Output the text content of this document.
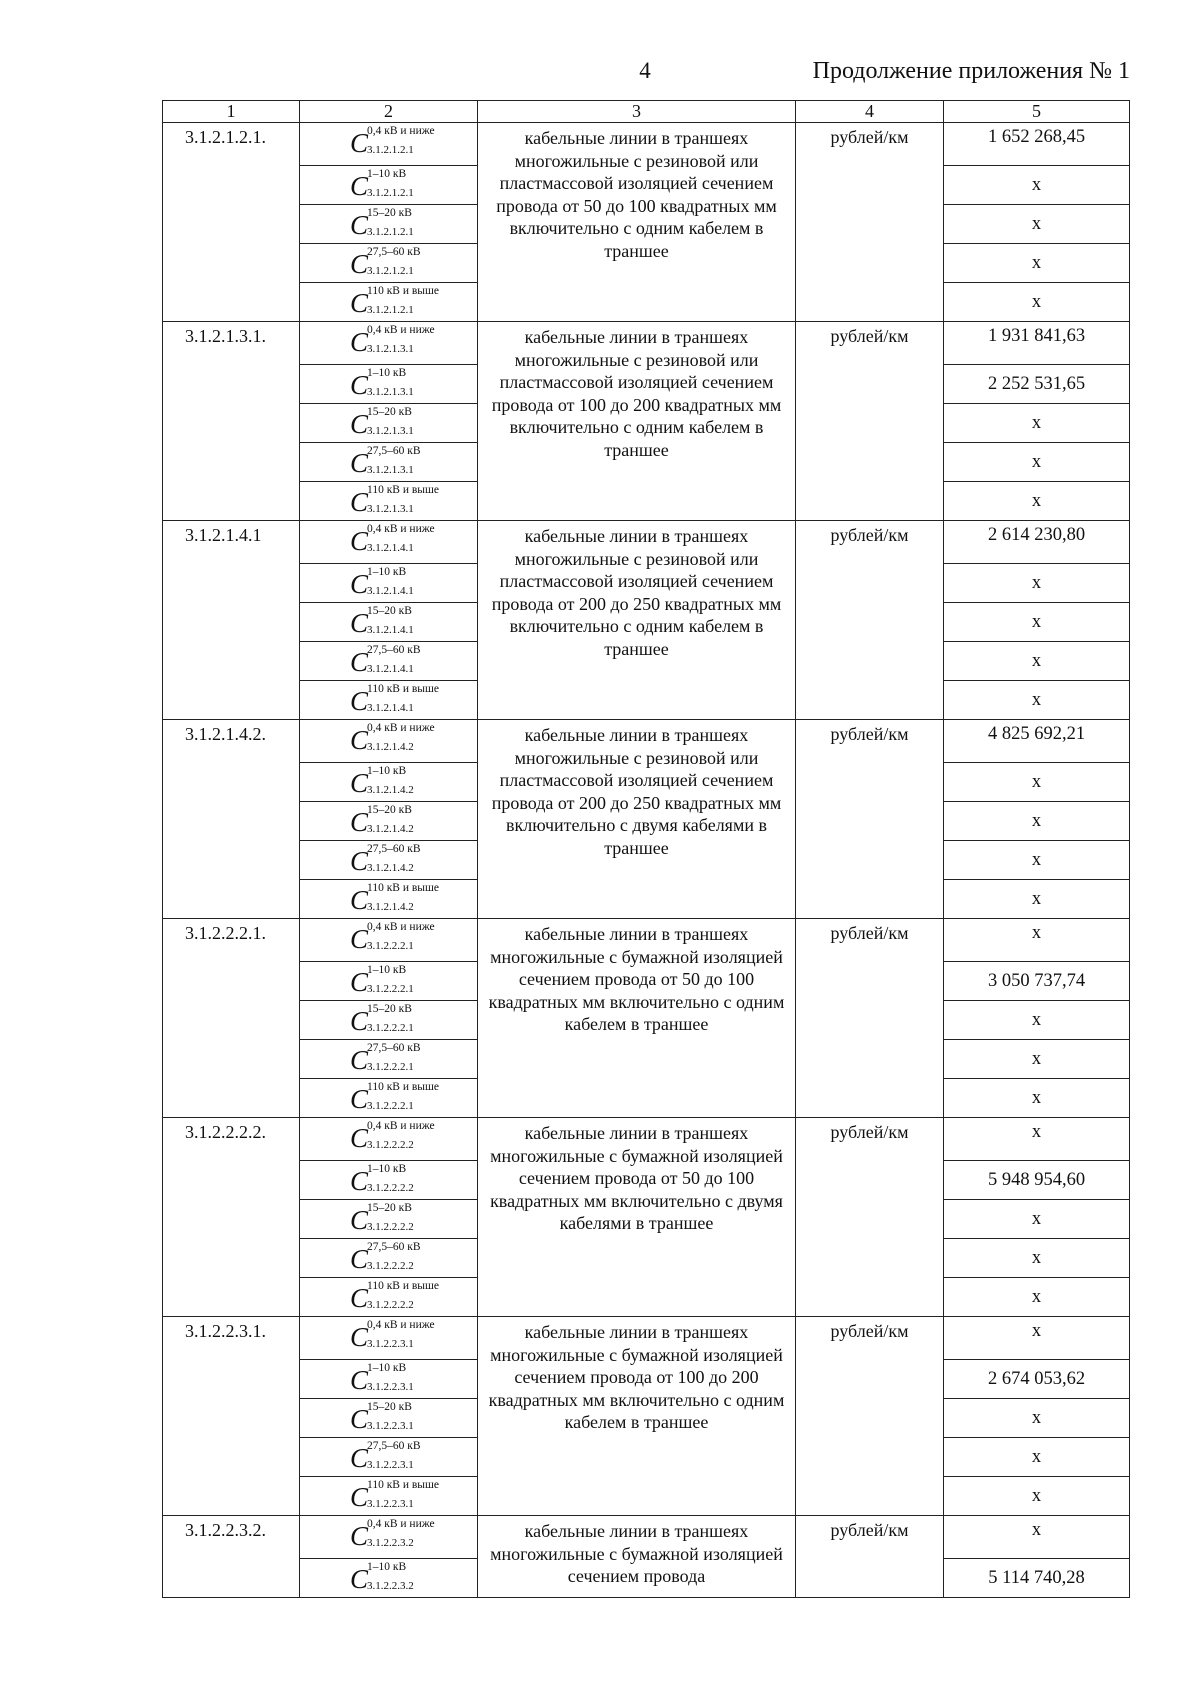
4	Продолжение приложения № 1
1	2	3	4	5
3.1.2.1.2.1.	C
0,4 кВ и ниже
3.1.2.1.2.1	кабельные линии в траншеях многожильные с резиновой или пластмассовой изоляцией сечением провода от 50 до 100 квадратных мм включительно с одним кабелем в траншее	рублей/км	1 652 268,45

	C
1–10 кВ
3.1.2.1.2.1			x

	C
15–20 кВ
3.1.2.1.2.1			x

	C
27,5–60 кВ
3.1.2.1.2.1			x

	C
110 кВ и выше
3.1.2.1.2.1			x
3.1.2.1.3.1.	C
0,4 кВ и ниже
3.1.2.1.3.1	кабельные линии в траншеях многожильные с резиновой или пластмассовой изоляцией сечением провода от 100 до 200 квадратных мм включительно с одним кабелем в траншее	рублей/км	1 931 841,63

	C
1–10 кВ
3.1.2.1.3.1			2 252 531,65

	C
15–20 кВ
3.1.2.1.3.1			x

	C
27,5–60 кВ
3.1.2.1.3.1			x

	C
110 кВ и выше
3.1.2.1.3.1			x
3.1.2.1.4.1	C
0,4 кВ и ниже
3.1.2.1.4.1	кабельные линии в траншеях многожильные с резиновой или пластмассовой изоляцией сечением провода от 200 до 250 квадратных мм включительно с одним кабелем в траншее	рублей/км	2 614 230,80

	C
1–10 кВ
3.1.2.1.4.1			x

	C
15–20 кВ
3.1.2.1.4.1			x

	C
27,5–60 кВ
3.1.2.1.4.1			x

	C
110 кВ и выше
3.1.2.1.4.1			x
3.1.2.1.4.2.	C
0,4 кВ и ниже
3.1.2.1.4.2	кабельные линии в траншеях многожильные с резиновой или пластмассовой изоляцией сечением провода от 200 до 250 квадратных мм включительно с двумя кабелями в траншее	рублей/км	4 825 692,21

	C
1–10 кВ
3.1.2.1.4.2			x

	C
15–20 кВ
3.1.2.1.4.2			x

	C
27,5–60 кВ
3.1.2.1.4.2			x

	C
110 кВ и выше
3.1.2.1.4.2			x
3.1.2.2.2.1.	C
0,4 кВ и ниже
3.1.2.2.2.1	кабельные линии в траншеях многожильные с бумажной изоляцией сечением провода от 50 до 100 квадратных мм включительно с одним кабелем в траншее	рублей/км	x

	C
1–10 кВ
3.1.2.2.2.1			3 050 737,74

	C
15–20 кВ
3.1.2.2.2.1			x

	C
27,5–60 кВ
3.1.2.2.2.1			x

	C
110 кВ и выше
3.1.2.2.2.1			x
3.1.2.2.2.2.	C
0,4 кВ и ниже
3.1.2.2.2.2	кабельные линии в траншеях многожильные с бумажной изоляцией сечением провода от 50 до 100 квадратных мм включительно с двумя кабелями в траншее	рублей/км	x

	C
1–10 кВ
3.1.2.2.2.2			5 948 954,60

	C
15–20 кВ
3.1.2.2.2.2			x

	C
27,5–60 кВ
3.1.2.2.2.2			x

	C
110 кВ и выше
3.1.2.2.2.2			x
3.1.2.2.3.1.	C
0,4 кВ и ниже
3.1.2.2.3.1	кабельные линии в траншеях многожильные с бумажной изоляцией сечением провода от 100 до 200 квадратных мм включительно с одним кабелем в траншее	рублей/км	x

	C
1–10 кВ
3.1.2.2.3.1			2 674 053,62

	C
15–20 кВ
3.1.2.2.3.1			x

	C
27,5–60 кВ
3.1.2.2.3.1			x

	C
110 кВ и выше
3.1.2.2.3.1			x
3.1.2.2.3.2.	C
0,4 кВ и ниже
3.1.2.2.3.2	кабельные линии в траншеях многожильные с бумажной изоляцией сечением провода	рублей/км	x

	C
1–10 кВ
3.1.2.2.3.2			5 114 740,28
